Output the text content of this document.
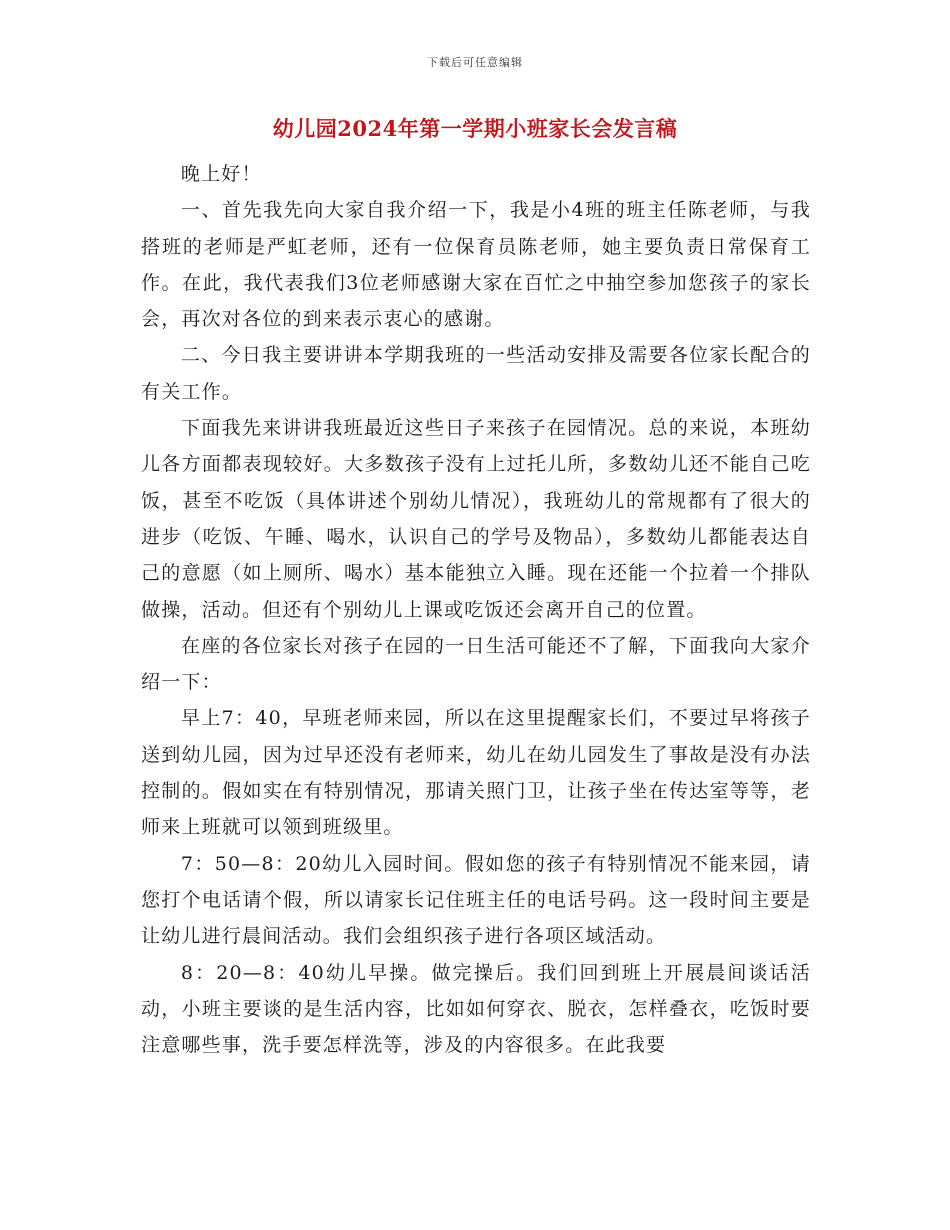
下载后可任意编辑
幼儿园2024年第一学期小班家长会发言稿

晚上好！

一、首先我先向大家自我介绍一下，我是小4班的班主任陈老师，与我搭班的老师是严虹老师，还有一位保育员陈老师，她主要负责日常保育工作。在此，我代表我们3位老师感谢大家在百忙之中抽空参加您孩子的家长会，再次对各位的到来表示衷心的感谢。

二、今日我主要讲讲本学期我班的一些活动安排及需要各位家长配合的有关工作。

下面我先来讲讲我班最近这些日子来孩子在园情况。总的来说，本班幼儿各方面都表现较好。大多数孩子没有上过托儿所，多数幼儿还不能自己吃饭，甚至不吃饭（具体讲述个别幼儿情况），我班幼儿的常规都有了很大的进步（吃饭、午睡、喝水，认识自己的学号及物品），多数幼儿都能表达自己的意愿（如上厕所、喝水）基本能独立入睡。现在还能一个拉着一个排队做操，活动。但还有个别幼儿上课或吃饭还会离开自己的位置。

在座的各位家长对孩子在园的一日生活可能还不了解，下面我向大家介绍一下：

早上7：40，早班老师来园，所以在这里提醒家长们，不要过早将孩子送到幼儿园，因为过早还没有老师来，幼儿在幼儿园发生了事故是没有办法控制的。假如实在有特别情况，那请关照门卫，让孩子坐在传达室等等，老师来上班就可以领到班级里。

7：50—8：20幼儿入园时间。假如您的孩子有特别情况不能来园，请您打个电话请个假，所以请家长记住班主任的电话号码。这一段时间主要是让幼儿进行晨间活动。我们会组织孩子进行各项区域活动。

8：20—8：40幼儿早操。做完操后。我们回到班上开展晨间谈话活动，小班主要谈的是生活内容，比如如何穿衣、脱衣，怎样叠衣，吃饭时要注意哪些事，洗手要怎样洗等，涉及的内容很多。在此我要
